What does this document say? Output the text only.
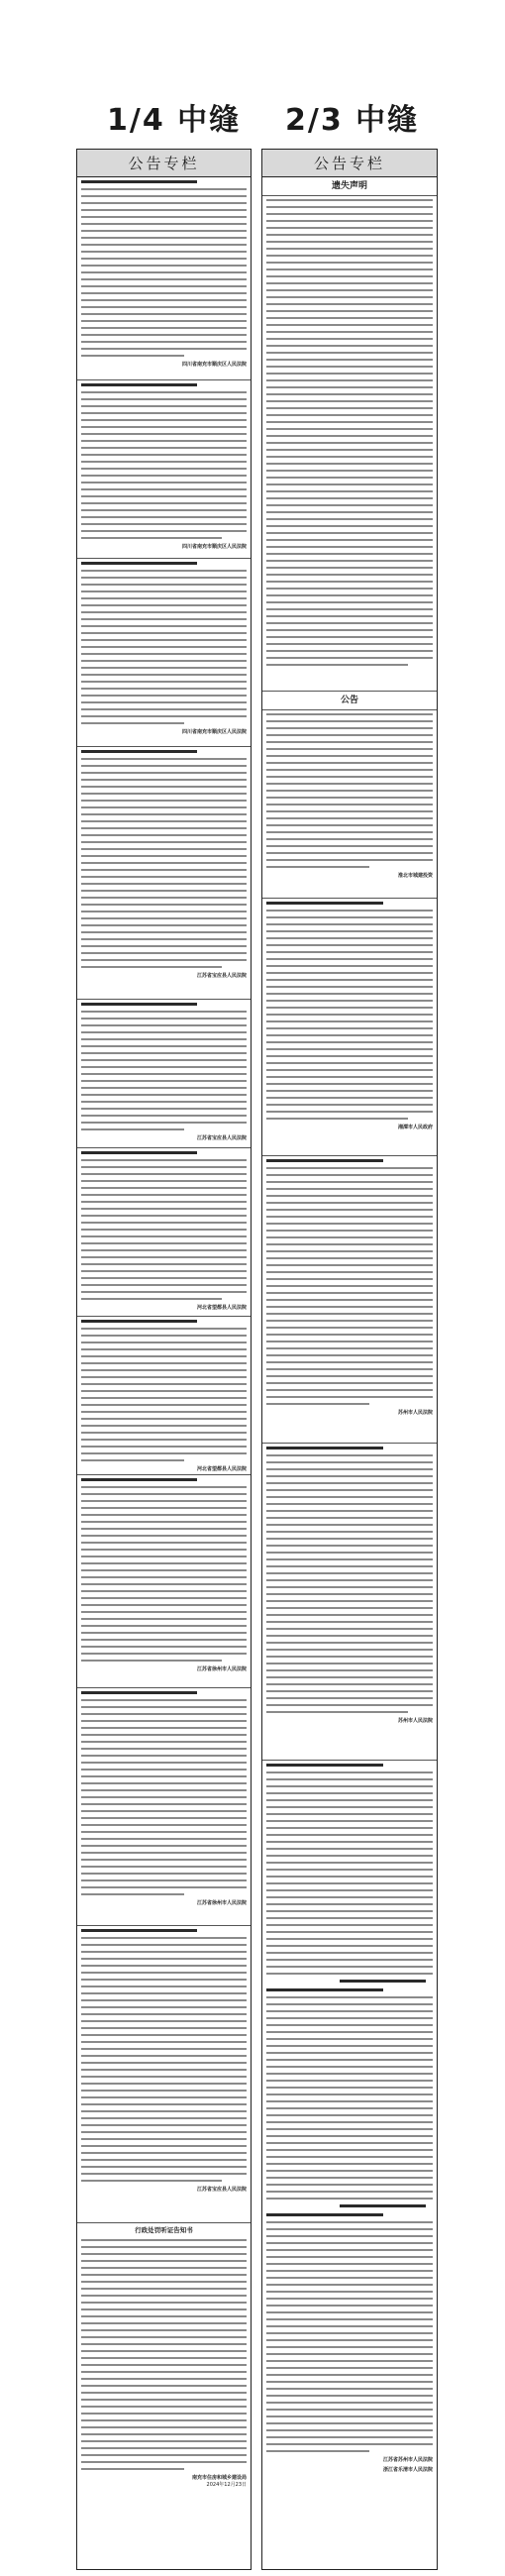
1/4 中缝 2/3 中缝
公告专栏
四川省南充市顺庆区人民法院
四川省南充市顺庆区人民法院
四川省南充市顺庆区人民法院
江苏省宝应县人民法院
江苏省宝应县人民法院
河北省望都县人民法院
河北省望都县人民法院
江苏省徐州市人民法院
江苏省徐州市人民法院
江苏省宝应县人民法院
行政处罚听证告知书
南充市住房和城乡建设局
2024年12月23日
公告专栏
遗失声明
公告
淮北市城建投资
湘潭市人民政府
苏州市人民法院
苏州市人民法院
江苏省苏州市人民法院
浙江省乐清市人民法院
